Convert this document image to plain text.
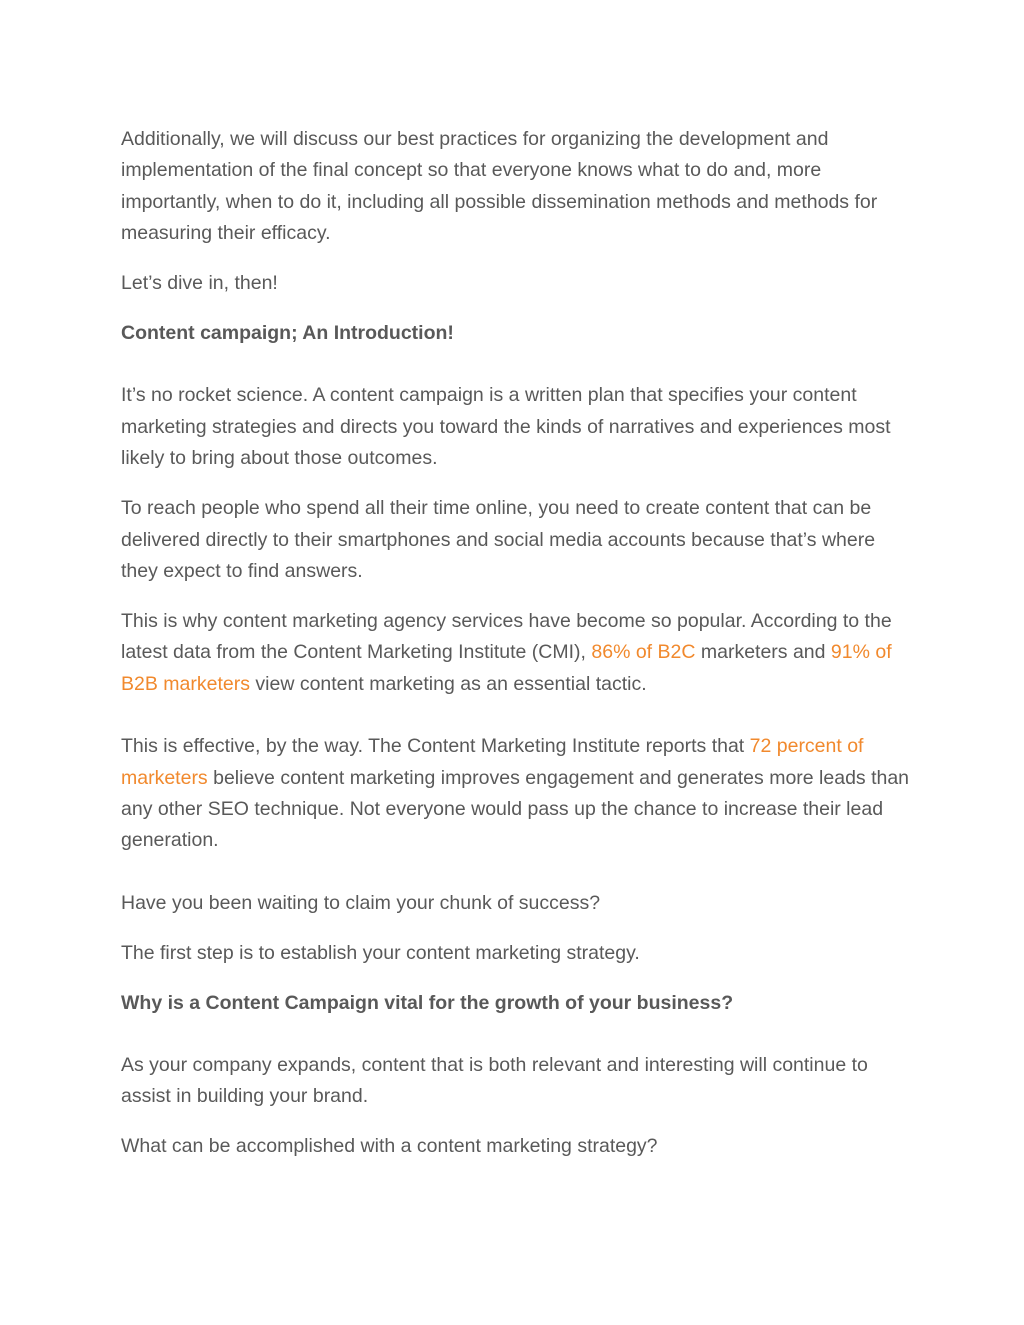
Additionally, we will discuss our best practices for organizing the development and implementation of the final concept so that everyone knows what to do and, more importantly, when to do it, including all possible dissemination methods and methods for measuring their efficacy.

Let’s dive in, then!

Content campaign; An Introduction!

It’s no rocket science. A content campaign is a written plan that specifies your content marketing strategies and directs you toward the kinds of narratives and experiences most likely to bring about those outcomes.

To reach people who spend all their time online, you need to create content that can be delivered directly to their smartphones and social media accounts because that’s where they expect to find answers.

This is why content marketing agency services have become so popular. According to the latest data from the Content Marketing Institute (CMI), 86% of B2C marketers and 91% of B2B marketers view content marketing as an essential tactic.

This is effective, by the way. The Content Marketing Institute reports that 72 percent of marketers believe content marketing improves engagement and generates more leads than any other SEO technique. Not everyone would pass up the chance to increase their lead generation.

Have you been waiting to claim your chunk of success?

The first step is to establish your content marketing strategy.

Why is a Content Campaign vital for the growth of your business?

As your company expands, content that is both relevant and interesting will continue to assist in building your brand.

What can be accomplished with a content marketing strategy?
